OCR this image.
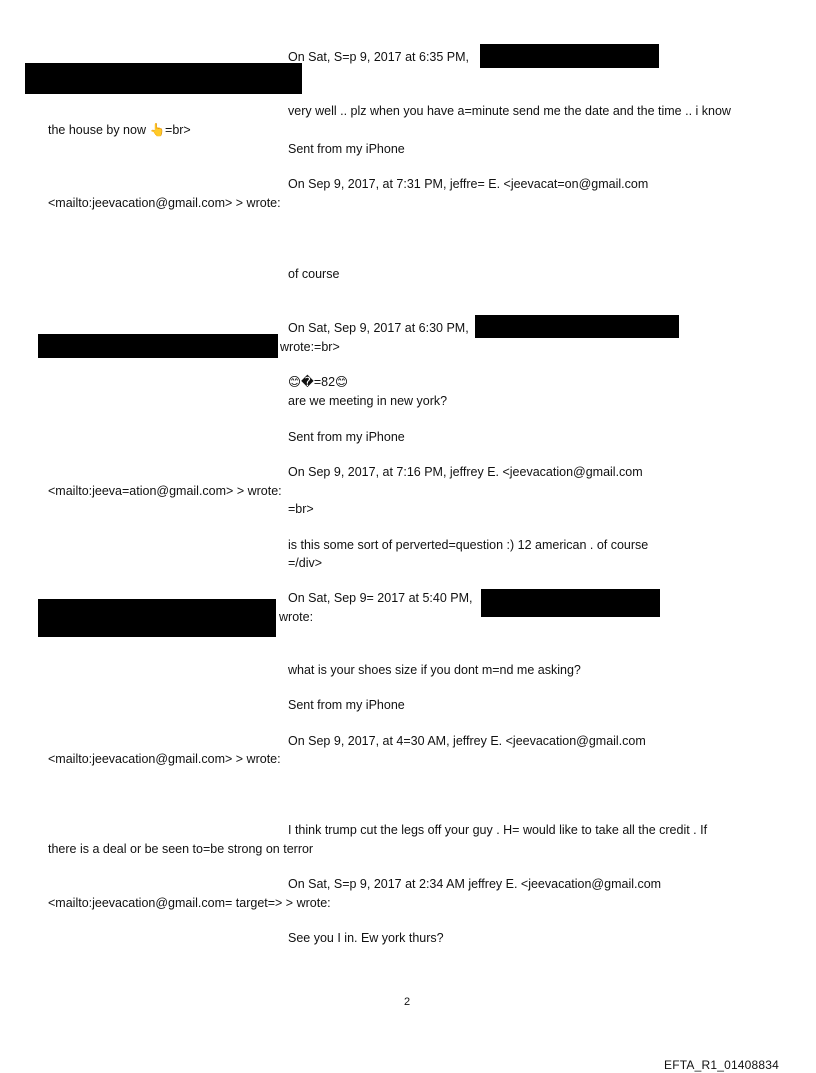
On Sat, S=p 9, 2017 at 6:35 PM,
very well .. plz when you have a=minute send me the date and the time .. i know
the house by now 👆=br>
Sent from my iPhone
On Sep 9, 2017, at 7:31 PM, jeffre= E. <jeevacat=on@gmail.com
<mailto:jeevacation@gmail.com> > wrote:
of course
On Sat, Sep 9, 2017 at 6:30 PM,
wrote:=br>
😊�=82😊
are we meeting in new york?
Sent from my iPhone
On Sep 9, 2017, at 7:16 PM, jeffrey E. <jeevacation@gmail.com
<mailto:jeeva=ation@gmail.com> > wrote:
=br>
is this some sort of perverted=question :) 12 american . of course
=/div>
On Sat, Sep 9= 2017 at 5:40 PM,
wrote:
what is your shoes size if you dont m=nd me asking?
Sent from my iPhone
On Sep 9, 2017, at 4=30 AM, jeffrey E. <jeevacation@gmail.com
<mailto:jeevacation@gmail.com> > wrote:
I think trump cut the legs off your guy . H= would like to take all the credit . If
there is a deal or be seen to=be strong on terror
On Sat, S=p 9, 2017 at 2:34 AM jeffrey E. <jeevacation@gmail.com
<mailto:jeevacation@gmail.com= target=> > wrote:
See you I in. Ew york thurs?
2
EFTA_R1_01408834
